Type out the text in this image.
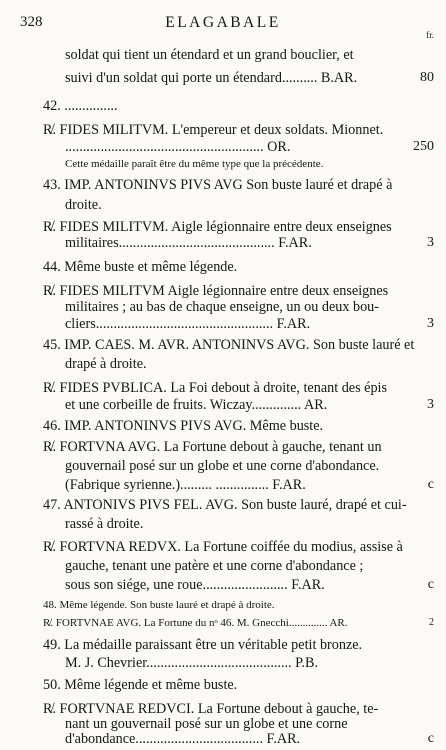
328	ELAGABALE
fr.
soldat qui tient un étendard et un grand bouclier, et
suivi d'un soldat qui porte un étendard.......... B.AR.	80
42. ...............
R̸. FIDES MILITVM. L'empereur et deux soldats. Mionnet.
........................................................ OR.	250
Cette médaille paraît être du même type que la précédente.
43. IMP. ANTONINVS PIVS AVG Son buste lauré et drapé à
droite.
R̸. FIDES MILITVM. Aigle légionnaire entre deux enseignes
militaires............................................ F.AR.	3
44. Même buste et même légende.
R̸. FIDES MILITVM Aigle légionnaire entre deux enseignes
militaires ; au bas de chaque enseigne, un ou deux bou-
cliers.................................................. F.AR.	3
45. IMP. CAES. M. AVR. ANTONINVS AVG. Son buste lauré et
drapé à droite.
R̸. FIDES PVBLICA. La Foi debout à droite, tenant des épis
et une corbeille de fruits. Wiczay.............. AR.	3
46. IMP. ANTONINVS PIVS AVG. Même buste.
R̸. FORTVNA AVG. La Fortune debout à gauche, tenant un
gouvernail posé sur un globe et une corne d'abondance.
(Fabrique syrienne.)......... ............... F.AR.	c
47. ANTONIVS PIVS FEL. AVG. Son buste lauré, drapé et cui-
rassé à droite.
R̸. FORTVNA REDVX. La Fortune coiffée du modius, assise à
gauche, tenant une patère et une corne d'abondance ;
sous son siége, une roue........................ F.AR.	c
48. Même légende. Son buste lauré et drapé à droite.
R̸. FORTVNAE AVG. La Fortune du nᵒ 46. M. Gnecchi.............. AR.	2
49. La médaille paraissant être un véritable petit bronze.
M. J. Chevrier......................................... P.B.
50. Même légende et même buste.
R̸. FORTVNAE REDVCI. La Fortune debout à gauche, te-
nant un gouvernail posé sur un globe et une corne
d'abondance.................................... F.AR.	c
